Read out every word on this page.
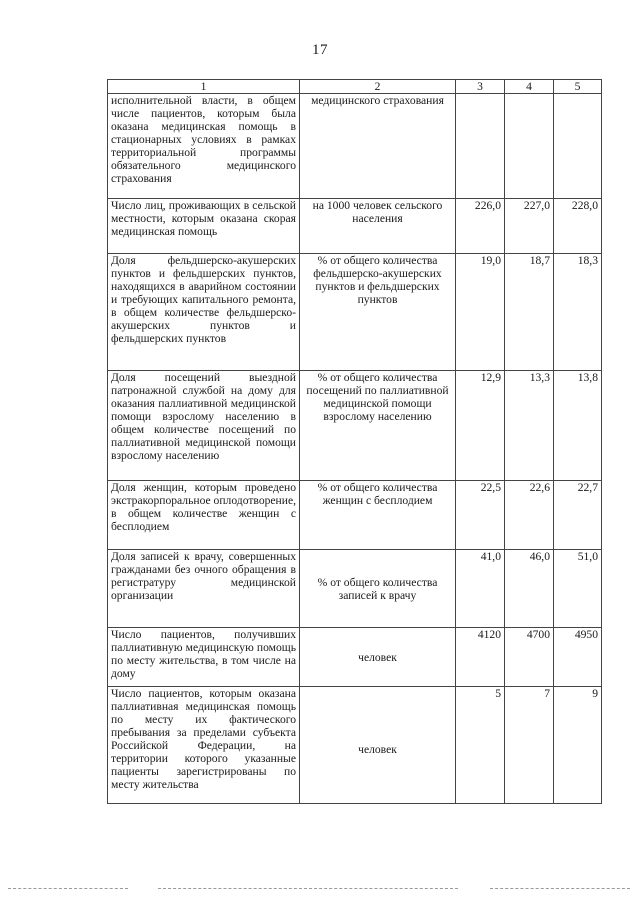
17
1	2	3	4	5
исполнительной власти, в общем числе пациентов, которым была оказана медицинская помощь в стационарных условиях в рамках территориальной программы обязательного медицинского страхования	медицинского страхования			
Число лиц, проживающих в сельской местности, которым оказана скорая медицинская помощь	на 1000 человек сельского населения	226,0	227,0	228,0
Доля фельдшерско-акушерских пунктов и фельдшерских пунктов, находящихся в аварийном состоянии и требующих капитального ремонта, в общем количестве фельдшерско-акушерских пунктов и фельдшерских пунктов	% от общего количества фельдшерско-акушерских пунктов и фельдшерских пунктов	19,0	18,7	18,3
Доля посещений выездной патронажной службой на дому для оказания паллиативной медицинской помощи взрослому населению в общем количестве посещений по паллиативной медицинской помощи взрослому населению	% от общего количества посещений по паллиативной медицинской помощи взрослому населению	12,9	13,3	13,8
Доля женщин, которым проведено экстракорпоральное оплодотворение, в общем количестве женщин с бесплодием	% от общего количества женщин с бесплодием	22,5	22,6	22,7
Доля записей к врачу, совершенных гражданами без очного обращения в регистратуру медицинской организации	% от общего количества записей к врачу	41,0	46,0	51,0
Число пациентов, получивших паллиативную медицинскую помощь по месту жительства, в том числе на дому	человек	4120	4700	4950
Число пациентов, которым оказана паллиативная медицинская помощь по месту их фактического пребывания за пределами субъекта Российской Федерации, на территории которого указанные пациенты зарегистрированы по месту жительства	человек	5	7	9
